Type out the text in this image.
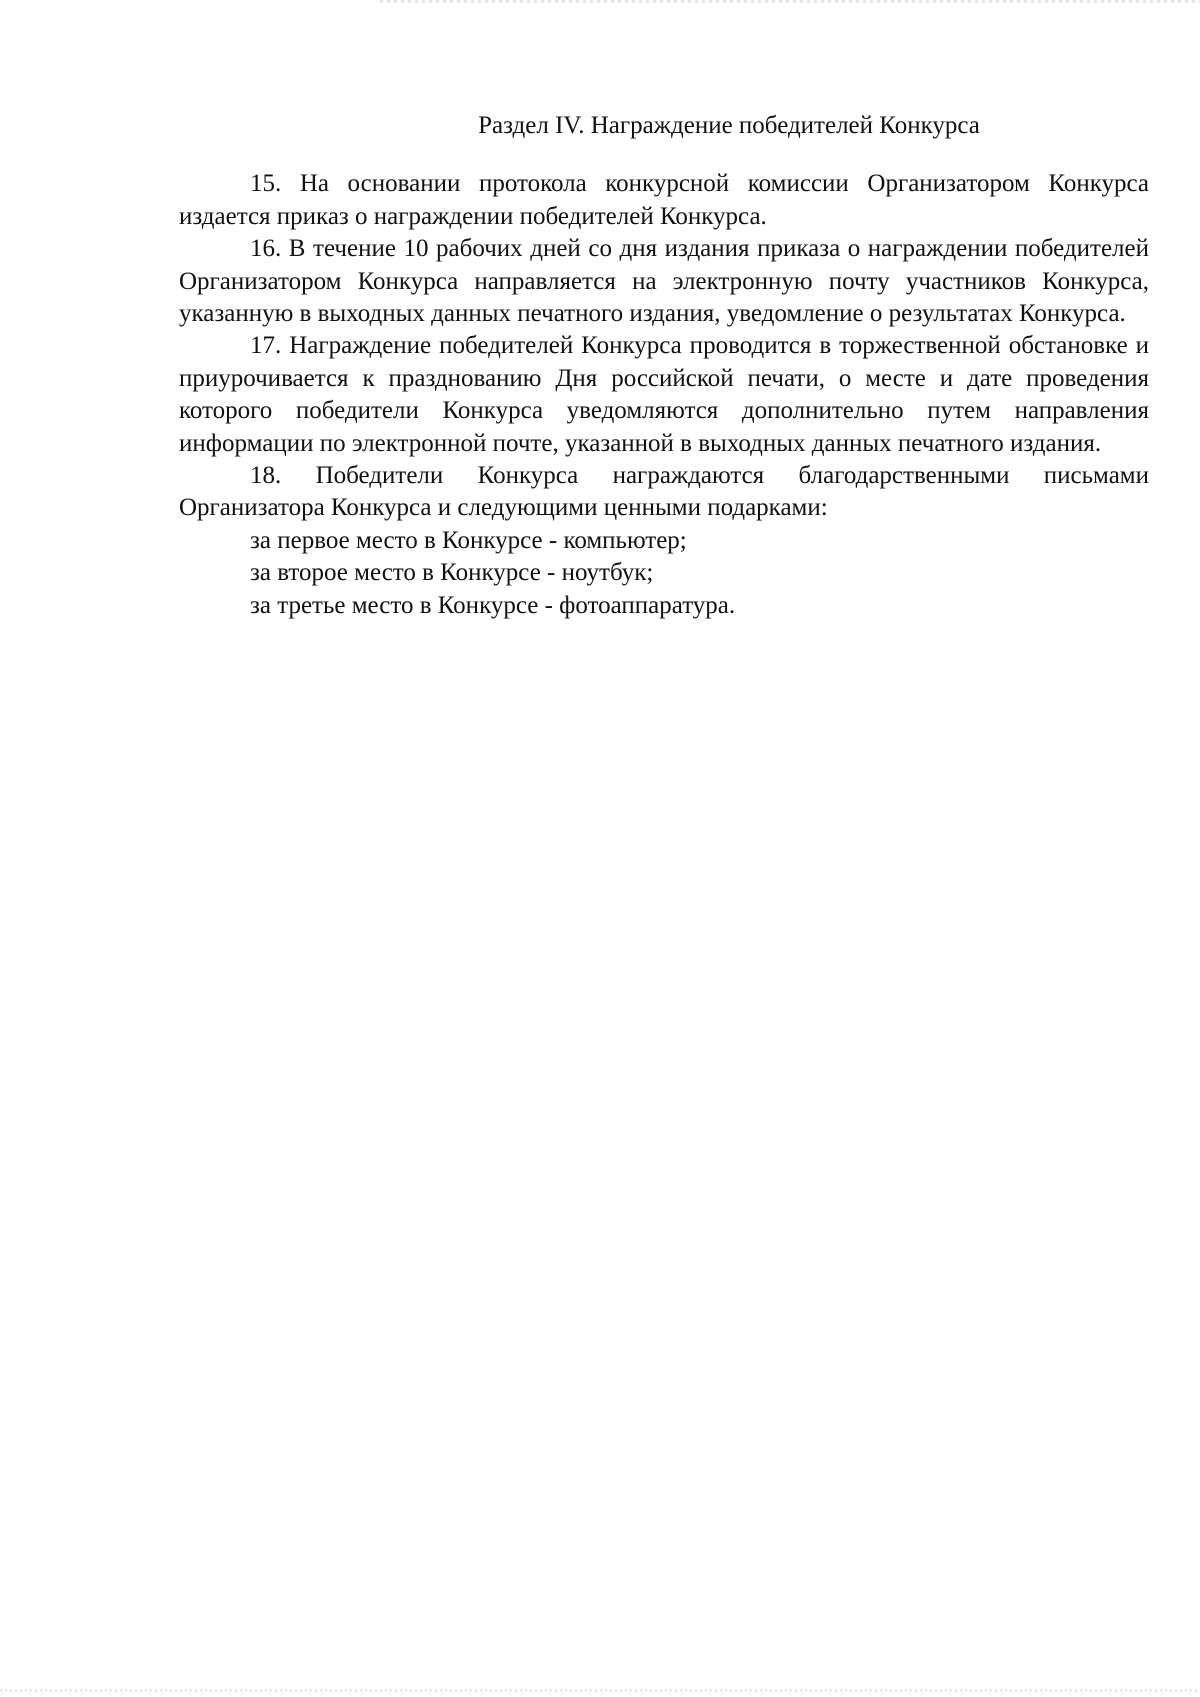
Раздел IV. Награждение победителей Конкурса

15. На основании протокола конкурсной комиссии Организатором Конкурса издается приказ о награждении победителей Конкурса.

16. В течение 10 рабочих дней со дня издания приказа о награждении победителей Организатором Конкурса направляется на электронную почту участников Конкурса, указанную в выходных данных печатного издания, уведомление о результатах Конкурса.

17. Награждение победителей Конкурса проводится в торжественной обстановке и приурочивается к празднованию Дня российской печати, о месте и дате проведения которого победители Конкурса уведомляются дополнительно путем направления информации по электронной почте, указанной в выходных данных печатного издания.

18. Победители Конкурса награждаются благодарственными письмами Организатора Конкурса и следующими ценными подарками:

за первое место в Конкурсе - компьютер;

за второе место в Конкурсе - ноутбук;

за третье место в Конкурсе - фотоаппаратура.
